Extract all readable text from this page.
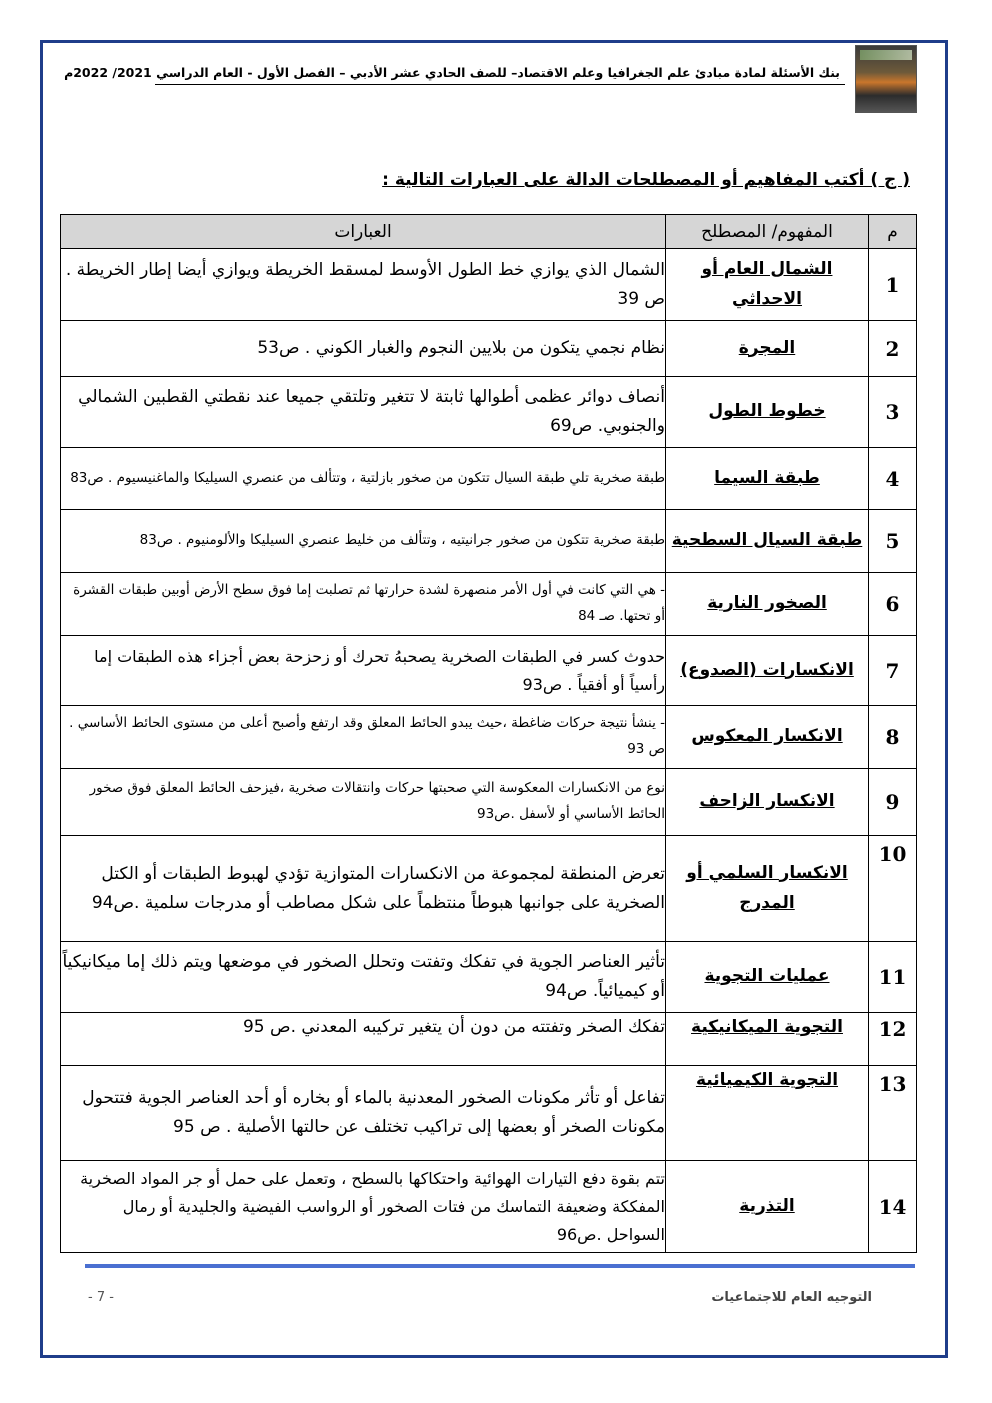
بنك الأسئلة لمادة مبادئ علم الجغرافيا وعلم الاقتصاد– للصف الحادي عشر الأدبي – الفصل الأول - العام الدراسي 2021/ 2022م
( ج ) أكتب المفاهيم أو المصطلحات الدالة على العبارات التالية :
م	المفهوم/ المصطلح	العبارات
1	الشمال العام أو الاحداثي	الشمال الذي يوازي خط الطول الأوسط لمسقط الخريطة ويوازي أيضا إطار الخريطة . ص 39
2	المجرة	نظام نجمي يتكون من بلايين النجوم والغبار الكوني . ص53
3	خطوط الطول	أنصاف دوائر عظمى أطوالها ثابتة لا تتغير وتلتقي جميعا عند نقطتي القطبين الشمالي والجنوبي. ص69
4	طبقة السيما	طبقة صخرية تلي طبقة السيال تتكون من صخور بازلتية ، وتتألف من عنصري السيليكا والماغنيسيوم . ص83
5	طبقة السيال السطحية	طبقة صخرية تتكون من صخور جرانيتيه ، وتتألف من خليط عنصري السيليكا والألومنيوم . ص83
6	الصخور النارية	- هي التي كانت في أول الأمر منصهرة لشدة حرارتها ثم تصلبت إما فوق سطح الأرض أوبين طبقات القشرة أو تحتها. صـ 84
7	الانكسارات (الصدوع)	حدوث كسر في الطبقات الصخرية يصحبهُ تحرك أو زحزحة بعض أجزاء هذه الطبقات إما رأسياً أو أفقياً . ص93
8	الانكسار المعكوس	- ينشأ نتيجة حركات ضاغطة ،حيث يبدو الحائط المعلق وقد ارتفع وأصبح أعلى من مستوى الحائط الأساسي . ص 93
9	الانكسار الزاحف	نوع من الانكسارات المعكوسة التي صحبتها حركات وانتقالات صخرية ،فيزحف الحائط المعلق فوق صخور الحائط الأساسي أو لأسفل .ص93
10	الانكسار السلمي أو المدرج	تعرض المنطقة لمجموعة من الانكسارات المتوازية تؤدي لهبوط الطبقات أو الكتل الصخرية على جوانبها هبوطاً منتظماً على شكل مصاطب أو مدرجات سلمية .ص94
11	عمليات التجوية	تأثير العناصر الجوية في تفكك وتفتت وتحلل الصخور في موضعها ويتم ذلك إما ميكانيكياً أو كيميائياً. ص94
12	التجوية الميكانيكية	تفكك الصخر وتفتته من دون أن يتغير تركيبه المعدني .ص 95
13	التجوية الكيميائية	تفاعل أو تأثر مكونات الصخور المعدنية بالماء أو بخاره أو أحد العناصر الجوية فتتحول مكونات الصخر أو بعضها إلى تراكيب تختلف عن حالتها الأصلية . ص 95
14	التذرية	تتم بقوة دفع التيارات الهوائية واحتكاكها بالسطح ، وتعمل على حمل أو جر المواد الصخرية المفككة وضعيفة التماسك من فتات الصخور أو الرواسب الفيضية والجليدية أو رمال السواحل .ص96
التوجيه العام للاجتماعيات
- 7 -
